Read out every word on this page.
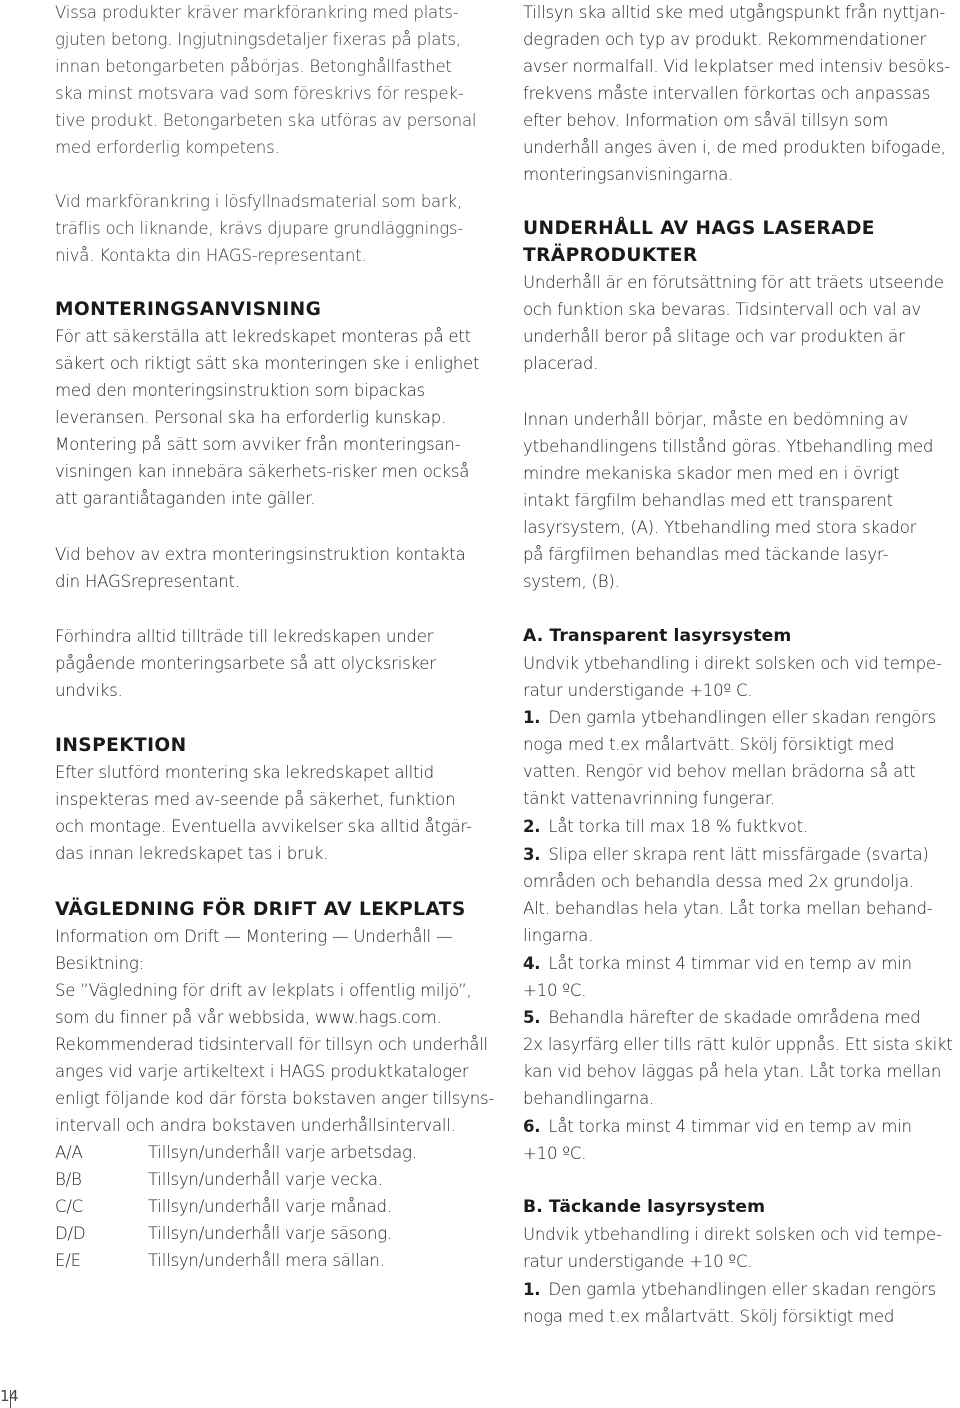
Vissa produkter kräver markförankring med plats-
gjuten betong. Ingjutningsdetaljer fixeras på plats,
innan betongarbeten påbörjas. Betonghållfasthet
ska minst motsvara vad som föreskrivs för respek-
tive produkt. Betongarbeten ska utföras av personal
med erforderlig kompetens.
Vid markförankring i lösfyllnadsmaterial som bark,
träflis och liknande, krävs djupare grundläggnings-
nivå. Kontakta din HAGS-representant.
MONTERINGSANVISNING
För att säkerställa att lekredskapet monteras på ett
säkert och riktigt sätt ska monteringen ske i enlighet
med den monteringsinstruktion som bipackas
leveransen. Personal ska ha erforderlig kunskap.
Montering på sätt som avviker från monteringsan-
visningen kan innebära säkerhets-risker men också
att garantiåtaganden inte gäller.
Vid behov av extra monteringsinstruktion kontakta
din HAGSrepresentant.
Förhindra alltid tillträde till lekredskapen under
pågående monteringsarbete så att olycksrisker
undviks.
INSPEKTION
Efter slutförd montering ska lekredskapet alltid
inspekteras med av-seende på säkerhet, funktion
och montage. Eventuella avvikelser ska alltid åtgär-
das innan lekredskapet tas i bruk.
VÄGLEDNING FÖR DRIFT AV LEKPLATS
Information om Drift — Montering — Underhåll —
Besiktning:
Se ”Vägledning för drift av lekplats i offentlig miljö”,
som du finner på vår webbsida, www.hags.com.
Rekommenderad tidsintervall för tillsyn och underhåll
anges vid varje artikeltext i HAGS produktkataloger
enligt följande kod där första bokstaven anger tillsyns-
intervall och andra bokstaven underhållsintervall.
A/A	Tillsyn/underhåll varje arbetsdag.
B/B	Tillsyn/underhåll varje vecka.
C/C	Tillsyn/underhåll varje månad.
D/D	Tillsyn/underhåll varje säsong.
E/E	Tillsyn/underhåll mera sällan.
Tillsyn ska alltid ske med utgångspunkt från nyttjan-
degraden och typ av produkt. Rekommendationer
avser normalfall. Vid lekplatser med intensiv besöks-
frekvens måste intervallen förkortas och anpassas
efter behov. Information om såväl tillsyn som
underhåll anges även i, de med produkten bifogade,
monteringsanvisningarna.
UNDERHÅLL AV HAGS LASERADE
TRÄPRODUKTER
Underhåll är en förutsättning för att träets utseende
och funktion ska bevaras. Tidsintervall och val av
underhåll beror på slitage och var produkten är
placerad.
Innan underhåll börjar, måste en bedömning av
ytbehandlingens tillstånd göras. Ytbehandling med
mindre mekaniska skador men med en i övrigt
intakt färgfilm behandlas med ett transparent
lasyrsystem, (A). Ytbehandling med stora skador
på färgfilmen behandlas med täckande lasyr-
system, (B).
A. Transparent lasyrsystem
Undvik ytbehandling i direkt solsken och vid tempe-
ratur understigande +10º C.
1. Den gamla ytbehandlingen eller skadan rengörs
noga med t.ex målartvätt. Skölj försiktigt med
vatten. Rengör vid behov mellan brädorna så att
tänkt vattenavrinning fungerar.
2. Låt torka till max 18 % fuktkvot.
3. Slipa eller skrapa rent lätt missfärgade (svarta)
områden och behandla dessa med 2x grundolja.
Alt. behandlas hela ytan. Låt torka mellan behand-
lingarna.
4. Låt torka minst 4 timmar vid en temp av min
+10 ºC.
5. Behandla härefter de skadade områdena med
2x lasyrfärg eller tills rätt kulör uppnås. Ett sista skikt
kan vid behov läggas på hela ytan. Låt torka mellan
behandlingarna.
6. Låt torka minst 4 timmar vid en temp av min
+10 ºC.
B. Täckande lasyrsystem
Undvik ytbehandling i direkt solsken och vid tempe-
ratur understigande +10 ºC.
1. Den gamla ytbehandlingen eller skadan rengörs
noga med t.ex målartvätt. Skölj försiktigt med
14
